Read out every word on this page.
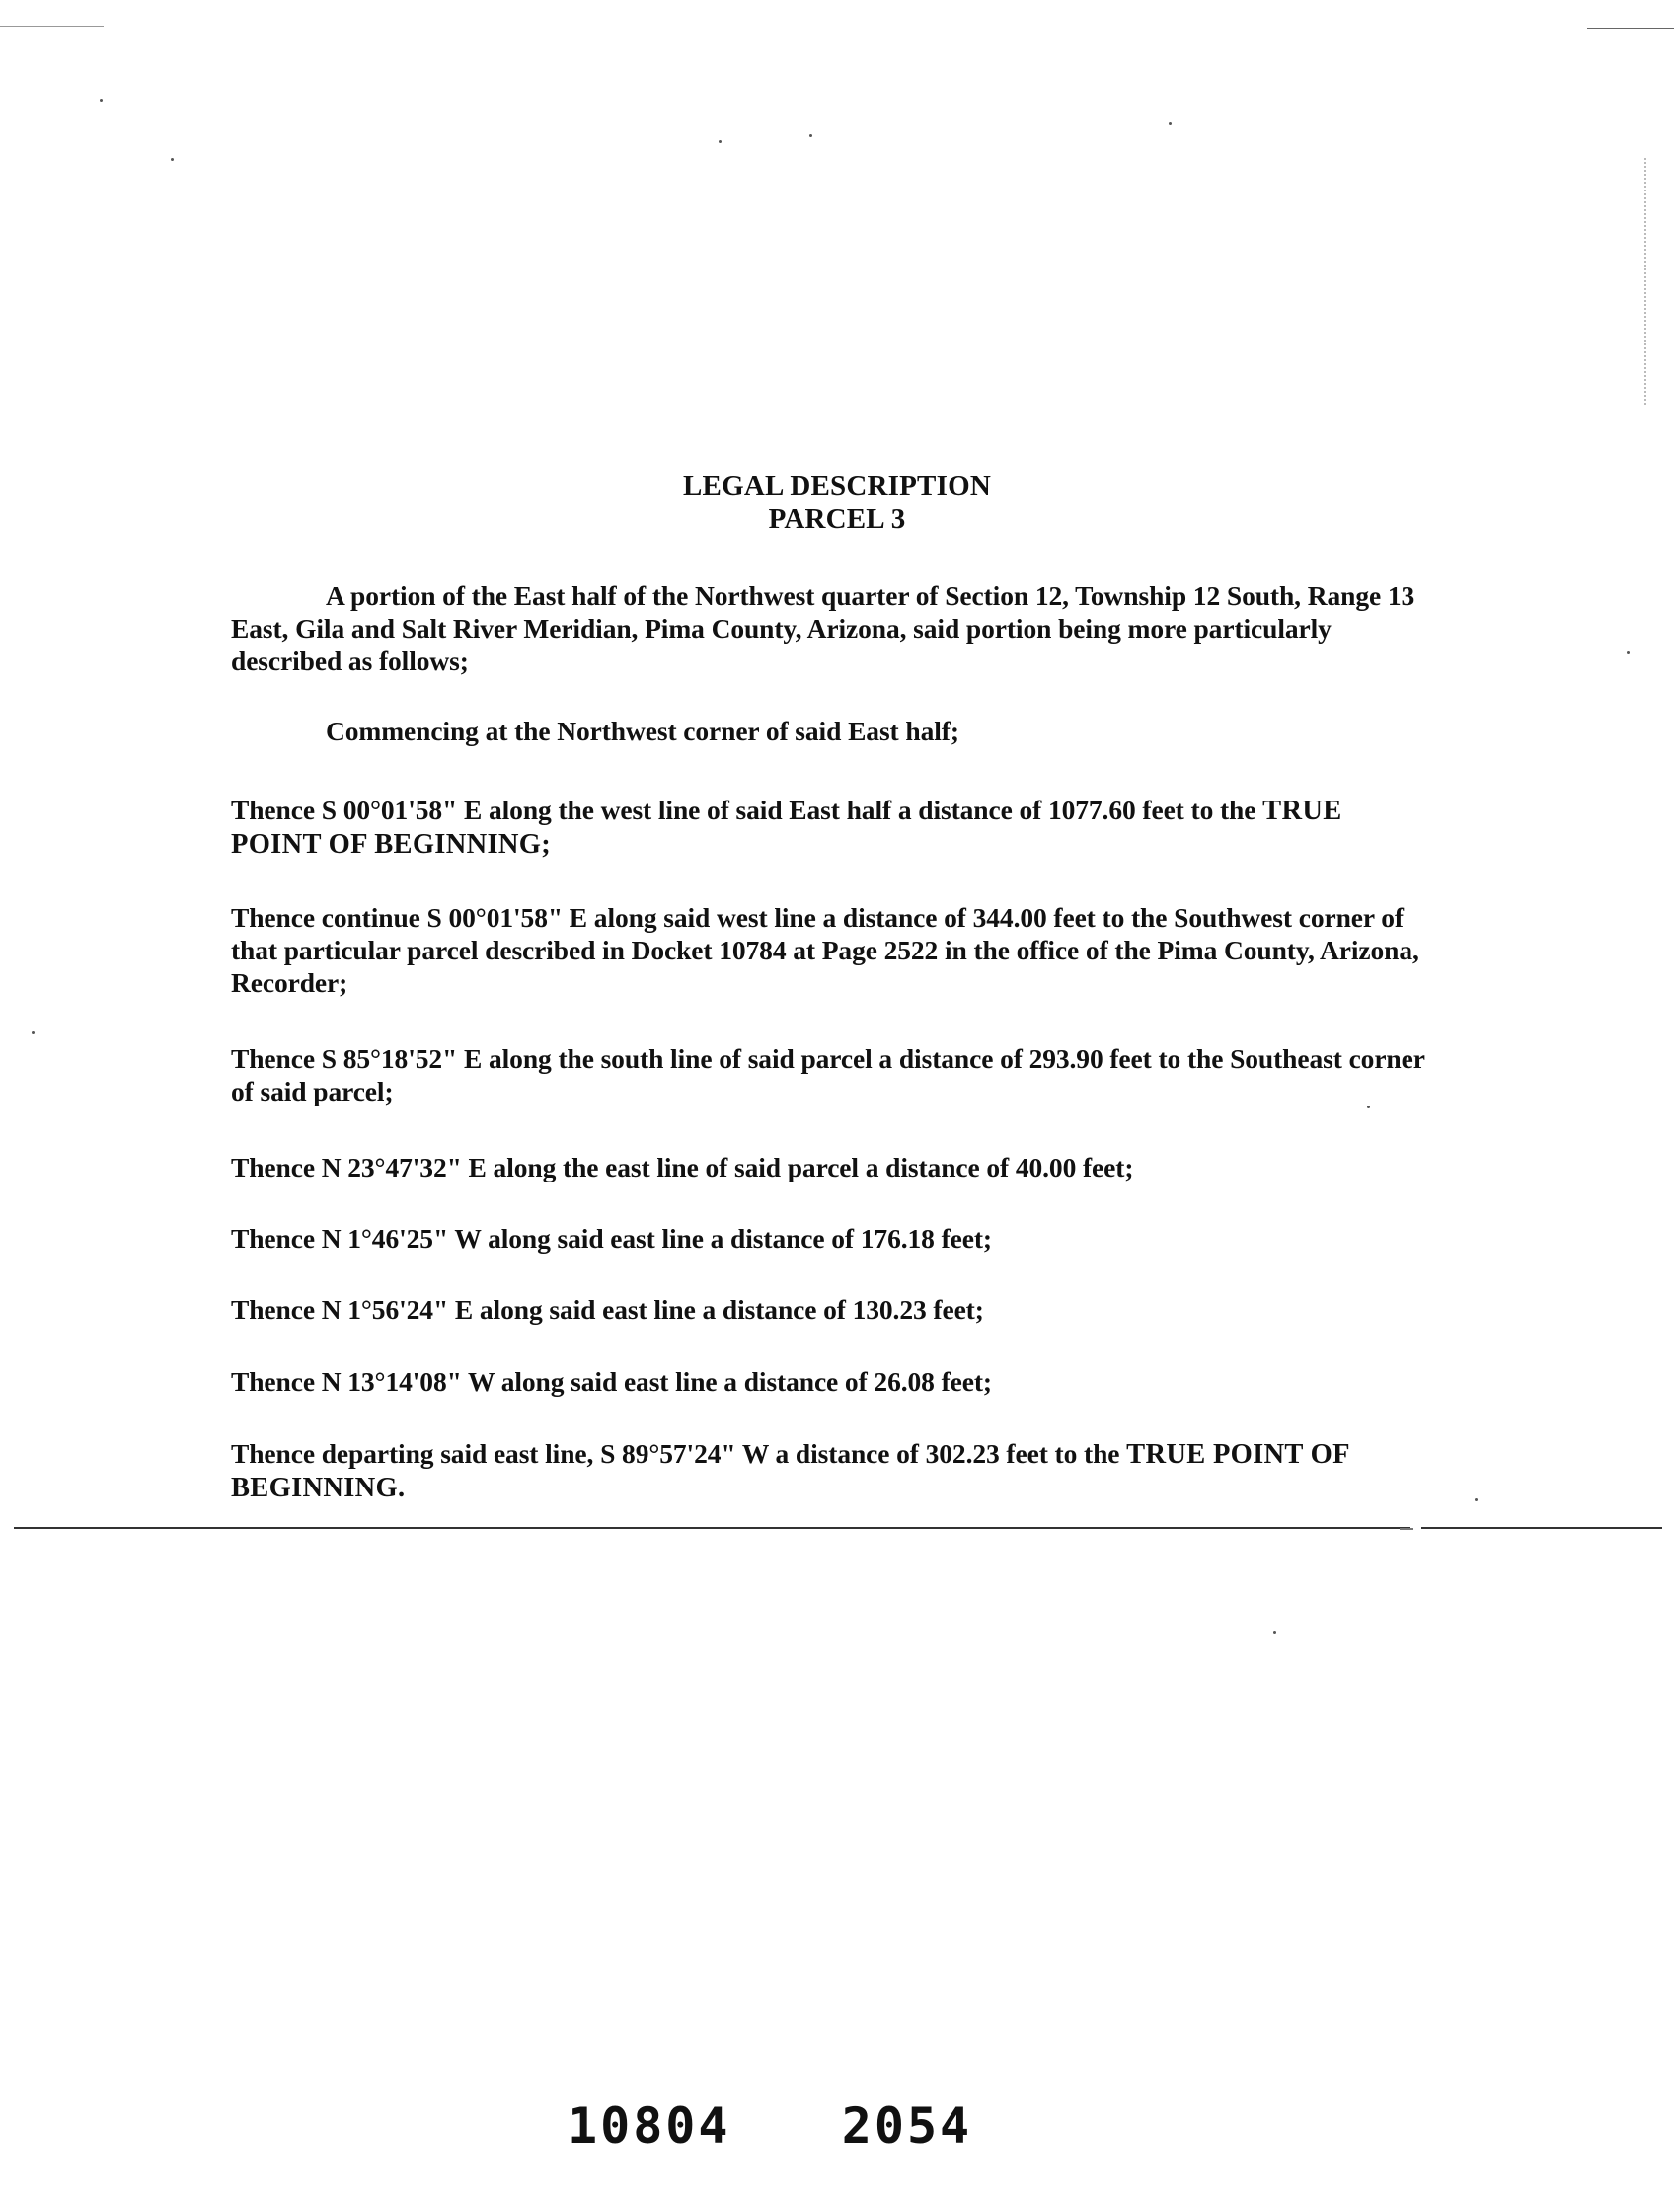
LEGAL DESCRIPTION
PARCEL 3
A portion of the East half of the Northwest quarter of Section 12, Township 12 South, Range 13 East, Gila and Salt River Meridian, Pima County, Arizona, said portion being more particularly described as follows;
Commencing at the Northwest corner of said East half;
Thence S 00°01'58" E along the west line of said East half a distance of 1077.60 feet to the TRUE POINT OF BEGINNING;
Thence continue S 00°01'58" E along said west line a distance of 344.00 feet to the Southwest corner of that particular parcel described in Docket 10784 at Page 2522 in the office of the Pima County, Arizona, Recorder;
Thence S 85°18'52" E along the south line of said parcel a distance of 293.90 feet to the Southeast corner of said parcel;
Thence N 23°47'32" E along the east line of said parcel a distance of 40.00 feet;
Thence N 1°46'25" W along said east line a distance of 176.18 feet;
Thence N 1°56'24" E along said east line a distance of 130.23 feet;
Thence N 13°14'08" W along said east line a distance of 26.08 feet;
Thence departing said east line, S 89°57'24" W a distance of 302.23 feet to the TRUE POINT OF BEGINNING.
10804 2054
